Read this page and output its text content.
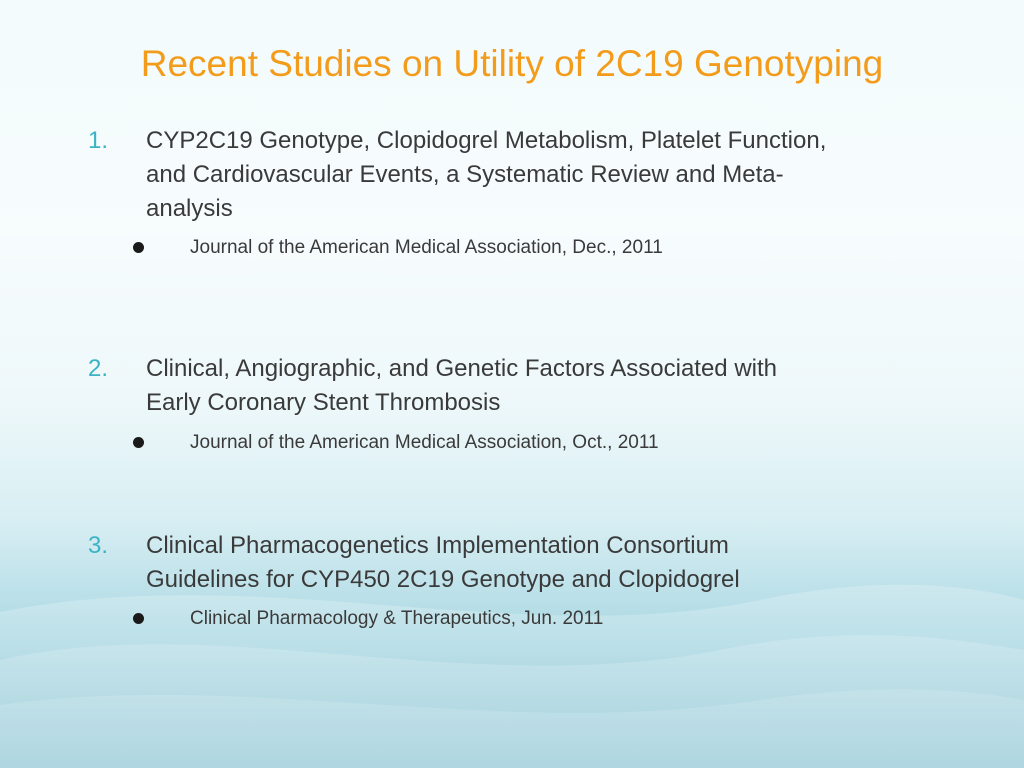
Recent Studies on Utility of 2C19 Genotyping
1. CYP2C19 Genotype, Clopidogrel Metabolism, Platelet Function,
and Cardiovascular Events, a Systematic Review and Meta-
analysis
Journal of the American Medical Association, Dec., 2011
2. Clinical, Angiographic, and Genetic Factors Associated with
Early Coronary Stent Thrombosis
Journal of the American Medical Association, Oct., 2011
3. Clinical Pharmacogenetics Implementation Consortium
Guidelines for CYP450 2C19 Genotype and Clopidogrel
Clinical Pharmacology & Therapeutics, Jun. 2011
